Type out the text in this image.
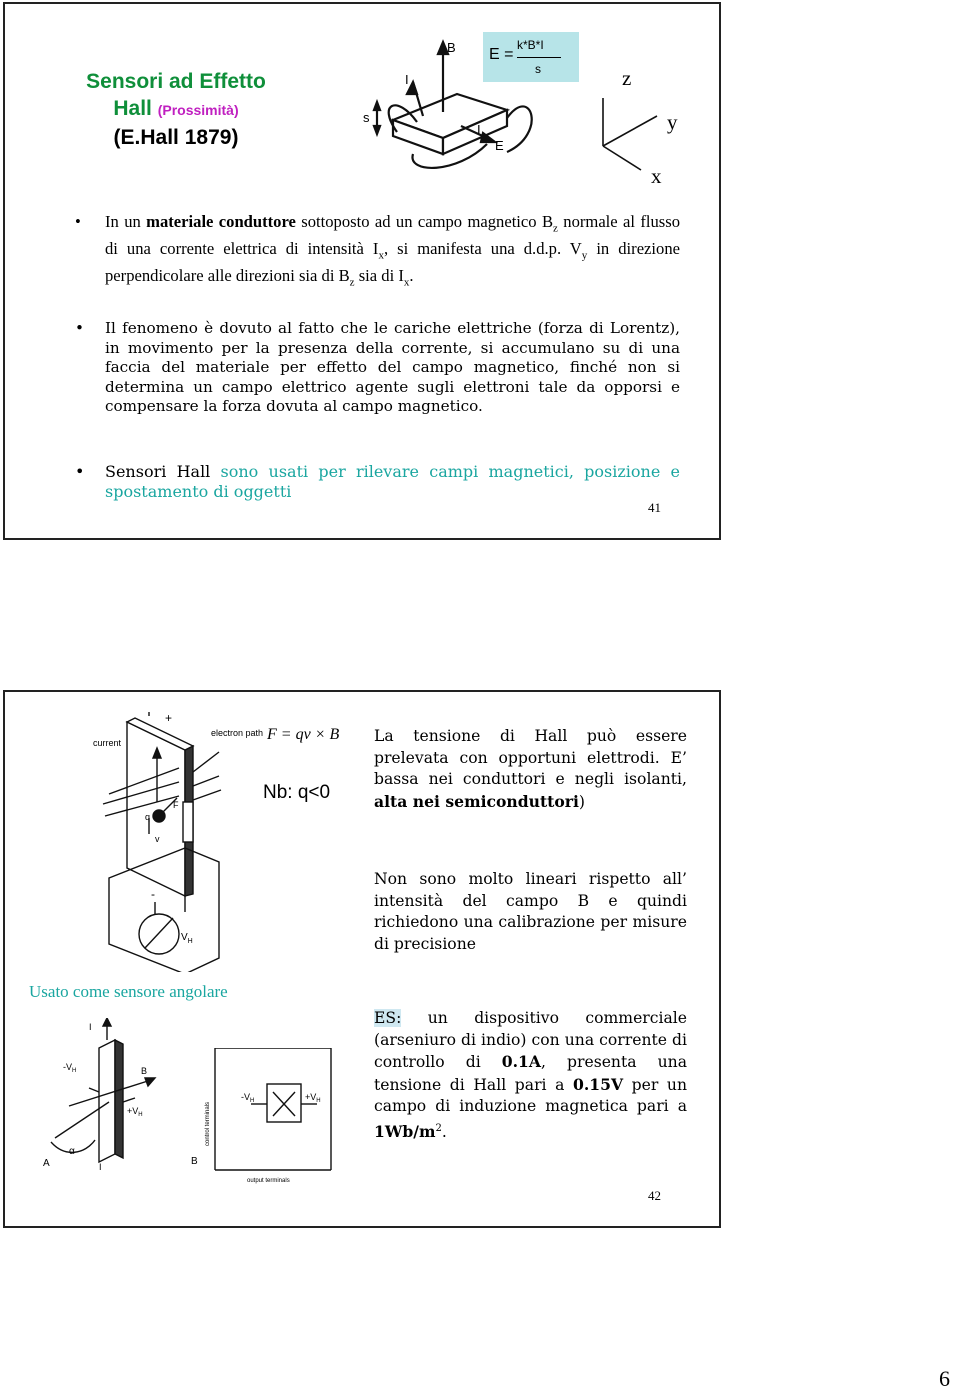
Sensori ad Effetto
Hall (Prossimità)
(E.Hall 1879)
B
I
s
I
E
E =
k*B*I
s	z
y
x
• In un materiale conduttore sottoposto ad un campo magnetico $B_z$ normale al flusso di una corrente elettrica di intensità $I_x$, si manifesta una d.d.p. $V_y$ in direzione perpendicolare alle direzioni sia di $B_z$ sia di $I_x$.
• Il fenomeno è dovuto al fatto che le cariche elettriche (forza di Lorentz), in movimento per la presenza della corrente, si accumulano su di una faccia del materiale per effetto del campo magnetico, finché non si determina un campo elettrico agente sugli elettroni tale da opporsi e compensare la forza dovuta al campo magnetico.
• Sensori Hall sono usati per rilevare campi magnetici, posizione e spostamento di oggetti
41
current
+
electron path
q
F
v
-
$V_H$
F = qv × B
Nb: q<0
La tensione di Hall può essere prelevata con opportuni elettrodi. E’ bassa nei conduttori e negli isolanti, alta nei semiconduttori)
Non sono molto lineari rispetto all’ intensità del campo B e quindi richiedono una calibrazione per misure di precisione
Usato come sensore angolare
I
$-V_H$	B
$+V_H$
α
A	I
control terminals
$-V_H$	$+V_H$
output terminals
B
ES: un dispositivo commerciale (arseniuro di indio) con una corrente di controllo di 0.1A, presenta una tensione di Hall pari a 0.15V per un campo di induzione magnetica pari a $1Wb/m^2$.
42
6
